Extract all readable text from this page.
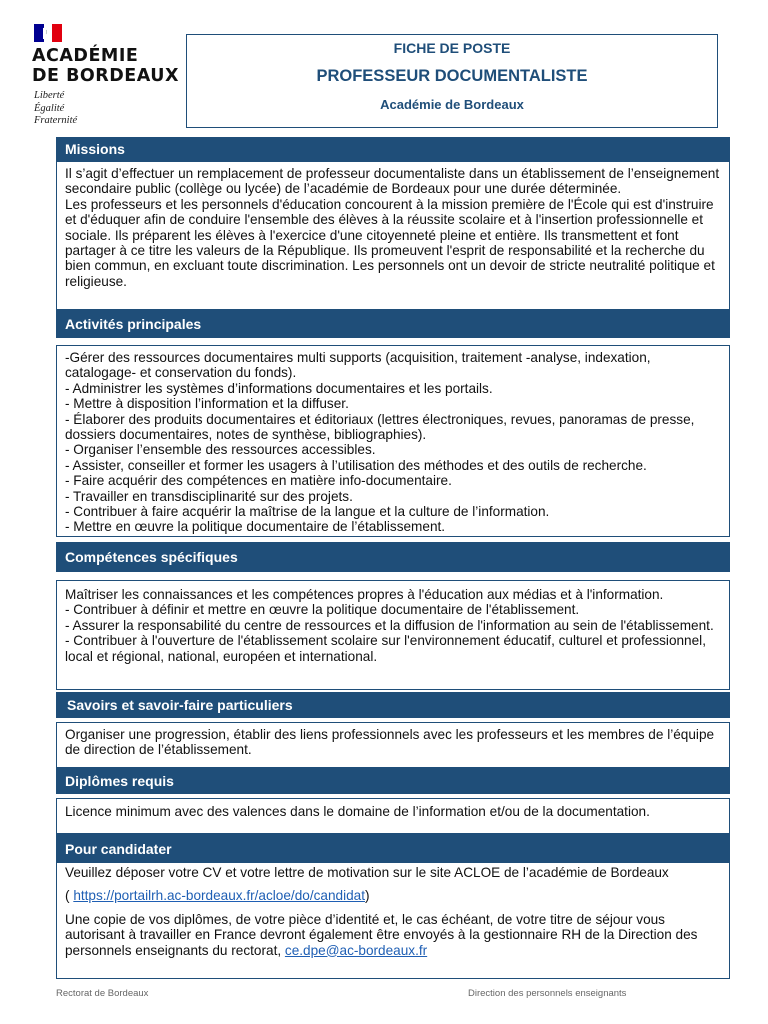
ACADÉMIE
DE BORDEAUX
Liberté
Égalité
Fraternité
FICHE DE POSTE
PROFESSEUR DOCUMENTALISTE
Académie de Bordeaux
Missions

Il s’agit d’effectuer un remplacement de professeur documentaliste dans un établissement de l’enseignement secondaire public (collège ou lycée) de l’académie de Bordeaux pour une durée déterminée.

Les professeurs et les personnels d'éducation concourent à la mission première de l'École qui est d'instruire et d'éduquer afin de conduire l'ensemble des élèves à la réussite scolaire et à l'insertion professionnelle et sociale. Ils préparent les élèves à l'exercice d'une citoyenneté pleine et entière. Ils transmettent et font partager à ce titre les valeurs de la République. Ils promeuvent l'esprit de responsabilité et la recherche du bien commun, en excluant toute discrimination. Les personnels ont un devoir de stricte neutralité politique et religieuse.

Activités principales

-Gérer des ressources documentaires multi supports (acquisition, traitement -analyse, indexation, catalogage- et conservation du fonds).

- Administrer les systèmes d’informations documentaires et les portails.

- Mettre à disposition l’information et la diffuser.

- Élaborer des produits documentaires et éditoriaux (lettres électroniques, revues, panoramas de presse, dossiers documentaires, notes de synthèse, bibliographies).

- Organiser l’ensemble des ressources accessibles.

- Assister, conseiller et former les usagers à l’utilisation des méthodes et des outils de recherche.

- Faire acquérir des compétences en matière info-documentaire.

- Travailler en transdisciplinarité sur des projets.

- Contribuer à faire acquérir la maîtrise de la langue et la culture de l’information.

- Mettre en œuvre la politique documentaire de l’établissement.

Compétences spécifiques

Maîtriser les connaissances et les compétences propres à l'éducation aux médias et à l'information.

- Contribuer à définir et mettre en œuvre la politique documentaire de l'établissement.

- Assurer la responsabilité du centre de ressources et la diffusion de l'information au sein de l'établissement.

- Contribuer à l'ouverture de l'établissement scolaire sur l'environnement éducatif, culturel et professionnel, local et régional, national, européen et international.

Savoirs et savoir-faire particuliers

Organiser une progression, établir des liens professionnels avec les professeurs et les membres de l’équipe de direction de l’établissement.

Diplômes requis

Licence minimum avec des valences dans le domaine de l’information et/ou de la documentation.

Veuillez déposer votre CV et votre lettre de motivation sur le site ACLOE de l’académie de Bordeaux

( https://portailrh.ac-bordeaux.fr/acloe/do/candidat)

Une copie de vos diplômes, de votre pièce d’identité et, le cas échéant, de votre titre de séjour vous autorisant à travailler en France devront également être envoyés à la gestionnaire RH de la Direction des personnels enseignants du rectorat, ce.dpe@ac-bordeaux.fr

Pour candidater
Rectorat de Bordeaux	Direction des personnels enseignants
